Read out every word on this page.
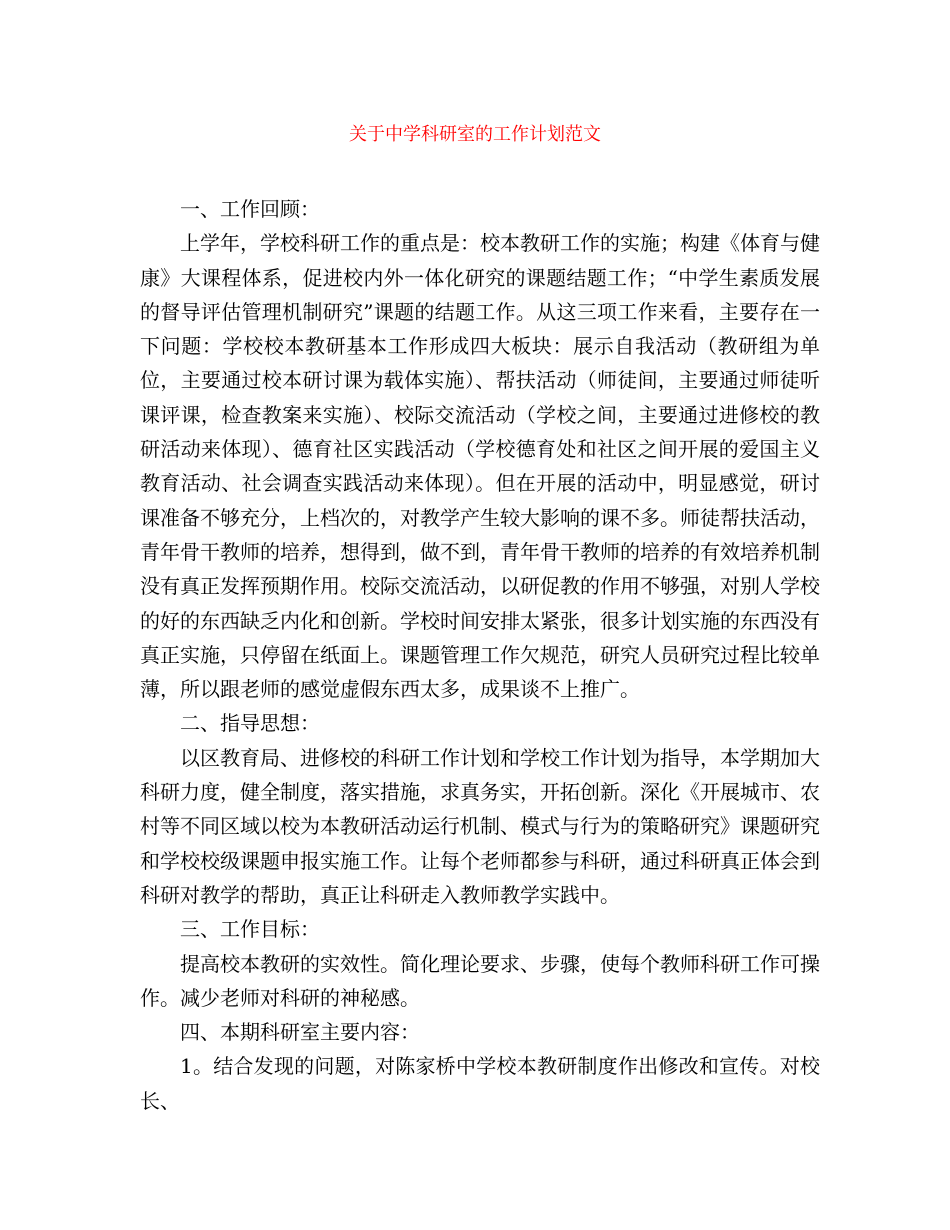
关于中学科研室的工作计划范文

一、工作回顾：

上学年，学校科研工作的重点是：校本教研工作的实施；构建《体育与健康》大课程体系，促进校内外一体化研究的课题结题工作；“中学生素质发展的督导评估管理机制研究”课题的结题工作。从这三项工作来看，主要存在一下问题：学校校本教研基本工作形成四大板块：展示自我活动（教研组为单位，主要通过校本研讨课为载体实施）、帮扶活动（师徒间，主要通过师徒听课评课，检查教案来实施）、校际交流活动（学校之间，主要通过进修校的教研活动来体现）、德育社区实践活动（学校德育处和社区之间开展的爱国主义教育活动、社会调查实践活动来体现）。但在开展的活动中，明显感觉，研讨课准备不够充分，上档次的，对教学产生较大影响的课不多。师徒帮扶活动，青年骨干教师的培养，想得到，做不到，青年骨干教师的培养的有效培养机制没有真正发挥预期作用。校际交流活动，以研促教的作用不够强，对别人学校的好的东西缺乏内化和创新。学校时间安排太紧张，很多计划实施的东西没有真正实施，只停留在纸面上。课题管理工作欠规范，研究人员研究过程比较单薄，所以跟老师的感觉虚假东西太多，成果谈不上推广。

二、指导思想：

以区教育局、进修校的科研工作计划和学校工作计划为指导，本学期加大科研力度，健全制度，落实措施，求真务实，开拓创新。深化《开展城市、农村等不同区域以校为本教研活动运行机制、模式与行为的策略研究》课题研究和学校校级课题申报实施工作。让每个老师都参与科研，通过科研真正体会到科研对教学的帮助，真正让科研走入教师教学实践中。

三、工作目标：

提高校本教研的实效性。简化理论要求、步骤，使每个教师科研工作可操作。减少老师对科研的神秘感。

四、本期科研室主要内容：

1。结合发现的问题，对陈家桥中学校本教研制度作出修改和宣传。对校长、
